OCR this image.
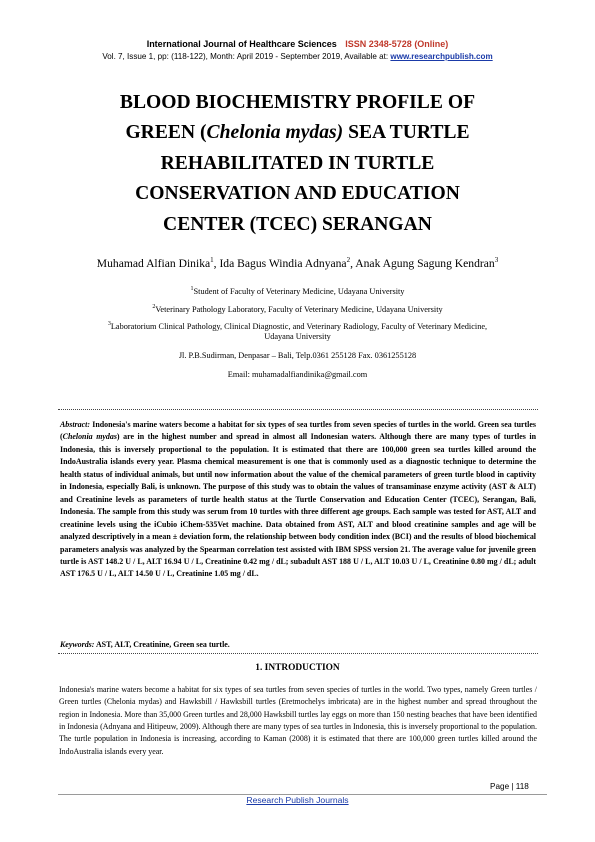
International Journal of Healthcare Sciences ISSN 2348-5728 (Online)
Vol. 7, Issue 1, pp: (118-122), Month: April 2019 - September 2019, Available at: www.researchpublish.com
BLOOD BIOCHEMISTRY PROFILE OF
GREEN (Chelonia mydas) SEA TURTLE
REHABILITATED IN TURTLE
CONSERVATION AND EDUCATION
CENTER (TCEC) SERANGAN
Muhamad Alfian Dinika$^1$, Ida Bagus Windia Adnyana$^2$, Anak Agung Sagung Kendran$^3$
$^1$Student of Faculty of Veterinary Medicine, Udayana University
$^2$Veterinary Pathology Laboratory, Faculty of Veterinary Medicine, Udayana University
$^3$Laboratorium Clinical Pathology, Clinical Diagnostic, and Veterinary Radiology, Faculty of Veterinary Medicine,
Udayana University
Jl. P.B.Sudirman, Denpasar – Bali, Telp.0361 255128 Fax. 0361255128
Email: muhamadalfiandinika@gmail.com
Abstract: Indonesia's marine waters become a habitat for six types of sea turtles from seven species of turtles in the world. Green sea turtles (Chelonia mydas) are in the highest number and spread in almost all Indonesian waters. Although there are many types of turtles in Indonesia, this is inversely proportional to the population. It is estimated that there are 100,000 green sea turtles killed around the IndoAustralia islands every year. Plasma chemical measurement is one that is commonly used as a diagnostic technique to determine the health status of individual animals, but until now information about the value of the chemical parameters of green turtle blood in captivity in Indonesia, especially Bali, is unknown. The purpose of this study was to obtain the values of transaminase enzyme activity (AST & ALT) and Creatinine levels as parameters of turtle health status at the Turtle Conservation and Education Center (TCEC), Serangan, Bali, Indonesia. The sample from this study was serum from 10 turtles with three different age groups. Each sample was tested for AST, ALT and creatinine levels using the iCubio iChem-535Vet machine. Data obtained from AST, ALT and blood creatinine samples and age will be analyzed descriptively in a mean ± deviation form, the relationship between body condition index (BCI) and the results of blood biochemical parameters analysis was analyzed by the Spearman correlation test assisted with IBM SPSS version 21. The average value for juvenile green turtle is AST 148.2 U / L, ALT 16.94 U / L, Creatinine 0.42 mg / dL; subadult AST 188 U / L, ALT 10.03 U / L, Creatinine 0.80 mg / dL; adult AST 176.5 U / L, ALT 14.50 U / L, Creatinine 1.05 mg / dL.
Keywords: AST, ALT, Creatinine, Green sea turtle.
1. INTRODUCTION
Indonesia's marine waters become a habitat for six types of sea turtles from seven species of turtles in the world. Two types, namely Green turtles / Green turtles (Chelonia mydas) and Hawksbill / Hawksbill turtles (Eretmochelys imbricata) are in the highest number and spread throughout the region in Indonesia. More than 35,000 Green turtles and 28,000 Hawksbill turtles lay eggs on more than 150 nesting beaches that have been identified in Indonesia (Adnyana and Hitipeuw, 2009). Although there are many types of sea turtles in Indonesia, this is inversely proportional to the population. The turtle population in Indonesia is increasing, according to Kaman (2008) it is estimated that there are 100,000 green turtles killed around the IndoAustralia islands every year.
Page | 118
Research Publish Journals
